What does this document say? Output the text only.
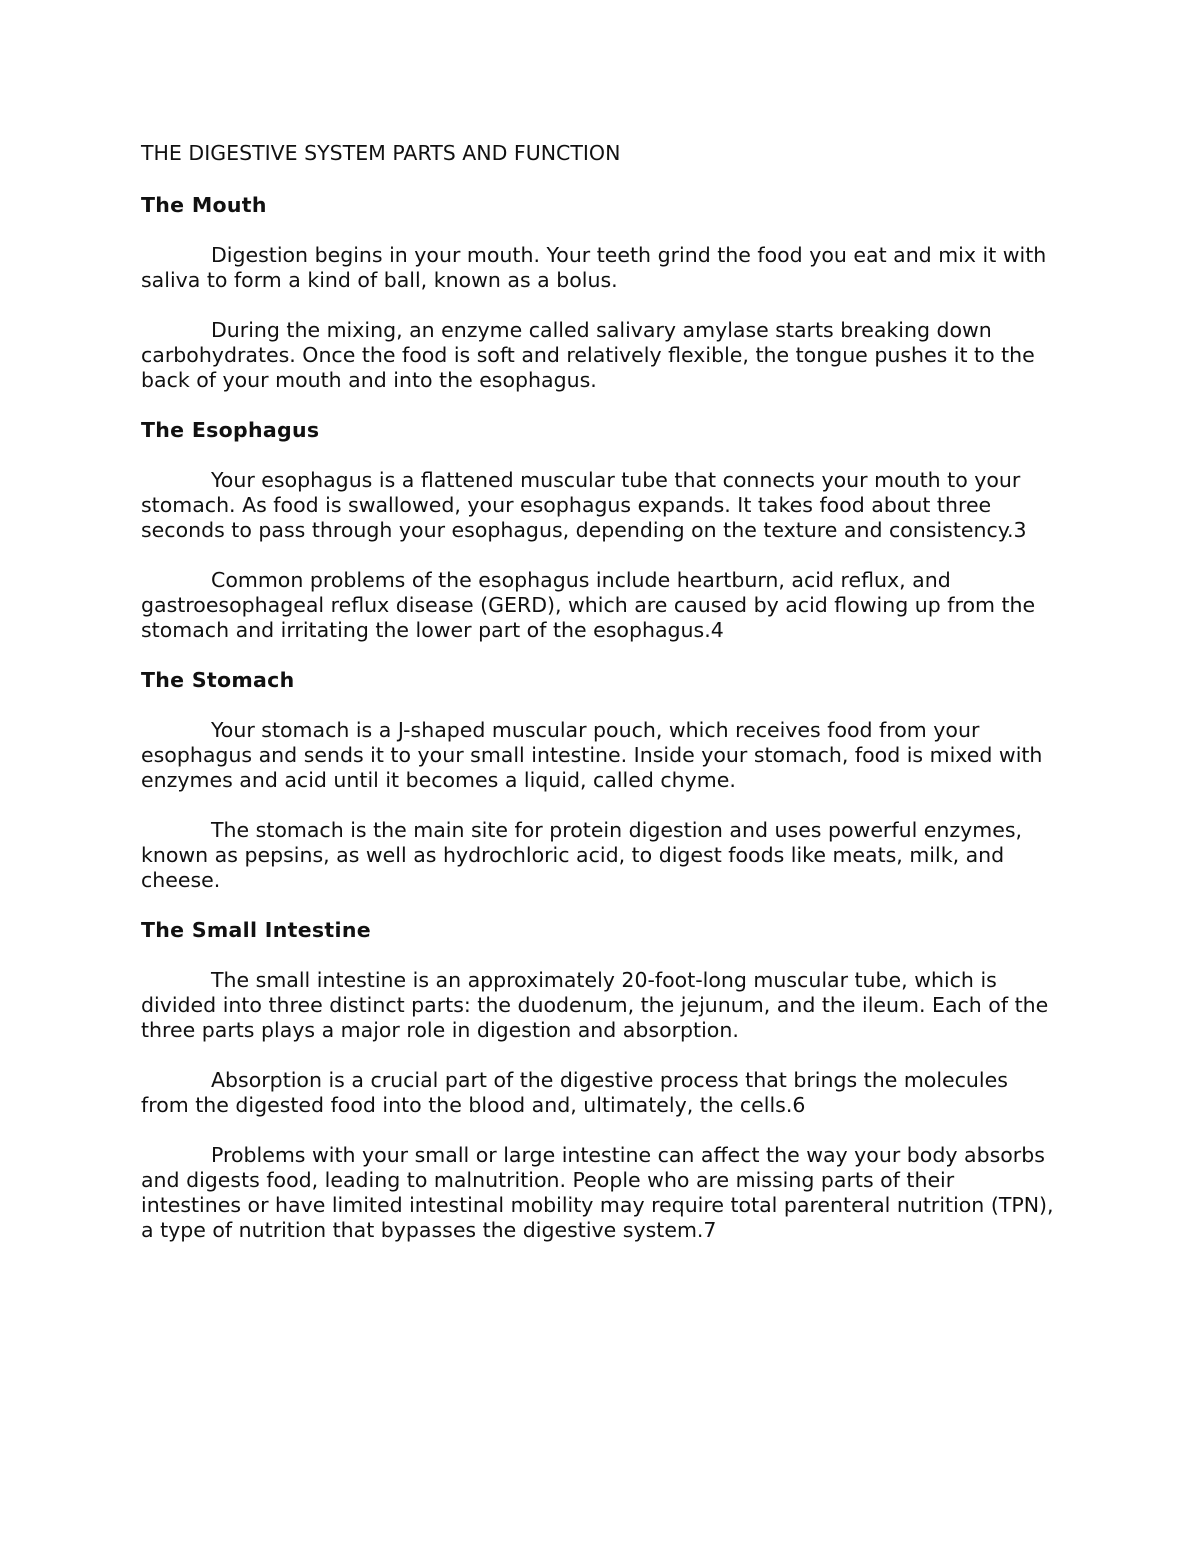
THE DIGESTIVE SYSTEM PARTS AND FUNCTION
The Mouth

Digestion begins in your mouth. Your teeth grind the food you eat and mix it with saliva to form a kind of ball, known as a bolus.

During the mixing, an enzyme called salivary amylase starts breaking down carbohydrates. Once the food is soft and relatively flexible, the tongue pushes it to the back of your mouth and into the esophagus.

The Esophagus

Your esophagus is a flattened muscular tube that connects your mouth to your stomach. As food is swallowed, your esophagus expands. It takes food about three seconds to pass through your esophagus, depending on the texture and consistency.3

Common problems of the esophagus include heartburn, acid reflux, and gastroesophageal reflux disease (GERD), which are caused by acid flowing up from the stomach and irritating the lower part of the esophagus.4

The Stomach

Your stomach is a J-shaped muscular pouch, which receives food from your esophagus and sends it to your small intestine. Inside your stomach, food is mixed with enzymes and acid until it becomes a liquid, called chyme.

The stomach is the main site for protein digestion and uses powerful enzymes, known as pepsins, as well as hydrochloric acid, to digest foods like meats, milk, and cheese.

The Small Intestine

The small intestine is an approximately 20-foot-long muscular tube, which is divided into three distinct parts: the duodenum, the jejunum, and the ileum. Each of the three parts plays a major role in digestion and absorption.

Absorption is a crucial part of the digestive process that brings the molecules from the digested food into the blood and, ultimately, the cells.6

Problems with your small or large intestine can affect the way your body absorbs and digests food, leading to malnutrition. People who are missing parts of their intestines or have limited intestinal mobility may require total parenteral nutrition (TPN), a type of nutrition that bypasses the digestive system.7
